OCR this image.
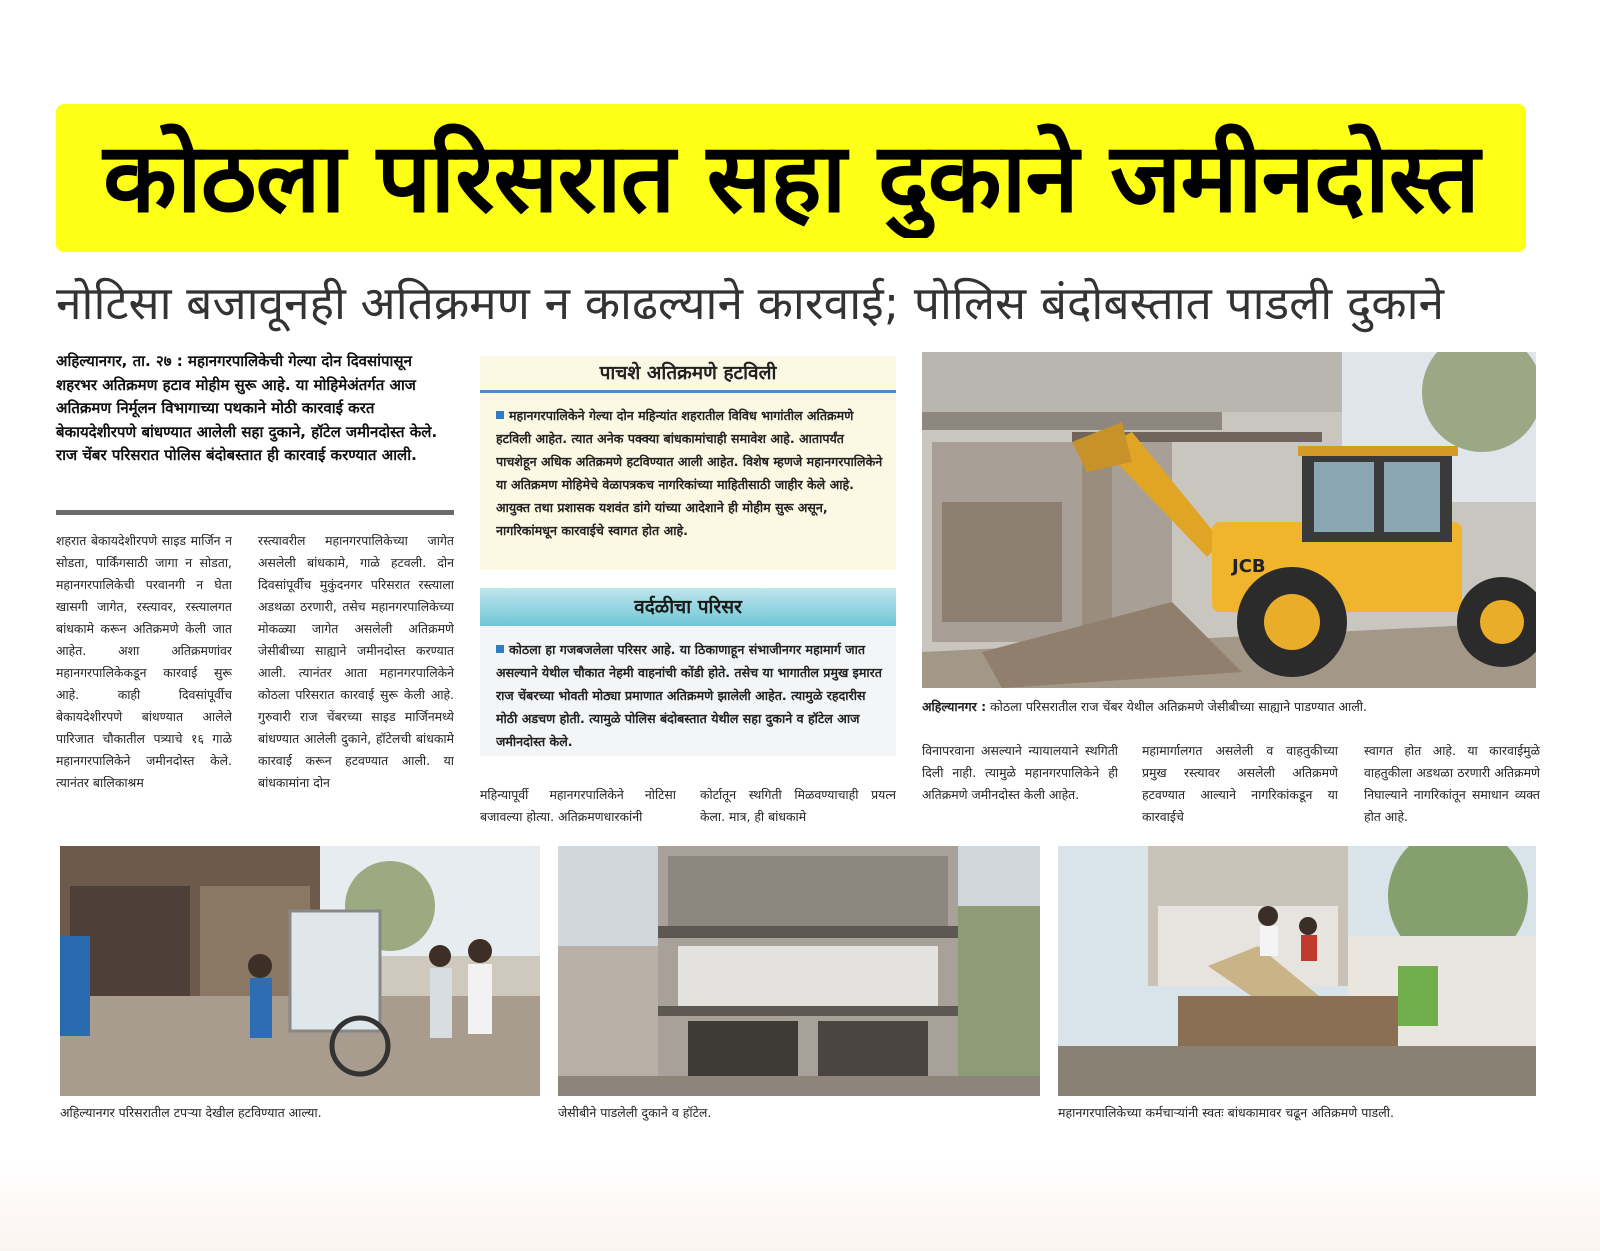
कोठला परिसरात सहा दुकाने जमीनदोस्त
नोटिसा बजावूनही अतिक्रमण न काढल्याने कारवाई; पोलिस बंदोबस्तात पाडली दुकाने
अहिल्यानगर, ता. २७ : महानगरपालिकेची गेल्या दोन दिवसांपासून शहरभर अतिक्रमण हटाव मोहीम सुरू आहे. या मोहिमेअंतर्गत आज अतिक्रमण निर्मूलन विभागाच्या पथकाने मोठी कारवाई करत बेकायदेशीरपणे बांधण्यात आलेली सहा दुकाने, हॉटेल जमीनदोस्त केले. राज चेंबर परिसरात पोलिस बंदोबस्तात ही कारवाई करण्यात आली.
शहरात बेकायदेशीरपणे साइड मार्जिन न सोडता, पार्किंगसाठी जागा न सोडता, महानगरपालिकेची परवानगी न घेता खासगी जागेत, रस्त्यावर, रस्त्यालगत बांधकामे करून अतिक्रमणे केली जात आहेत. अशा अतिक्रमणांवर महानगरपालिकेकडून कारवाई सुरू आहे. काही दिवसांपूर्वीच बेकायदेशीरपणे बांधण्यात आलेले पारिजात चौकातील पत्र्याचे १६ गाळे महानगरपालिकेने जमीनदोस्त केले. त्यानंतर बालिकाश्रम
रस्त्यावरील महानगरपालिकेच्या जागेत असलेली बांधकामे, गाळे हटवली. दोन दिवसांपूर्वीच मुकुंदनगर परिसरात रस्त्याला अडथळा ठरणारी, तसेच महानगरपालिकेच्या मोकळ्या जागेत असलेली अतिक्रमणे जेसीबीच्या साह्याने जमीनदोस्त करण्यात आली. त्यानंतर आता महानगरपालिकेने कोठला परिसरात कारवाई सुरू केली आहे. गुरुवारी राज चेंबरच्या साइड मार्जिनमध्ये बांधण्यात आलेली दुकाने, हॉटेलची बांधकामे कारवाई करून हटवण्यात आली. या बांधकामांना दोन
महिन्यापूर्वी महानगरपालिकेने नोटिसा बजावल्या होत्या. अतिक्रमणधारकांनी
कोर्टातून स्थगिती मिळवण्याचाही प्रयत्न केला. मात्र, ही बांधकामे
विनापरवाना असल्याने न्यायालयाने स्थगिती दिली नाही. त्यामुळे महानगरपालिकेने ही अतिक्रमणे जमीनदोस्त केली आहेत.
महामार्गालगत असलेली व वाहतुकीच्या प्रमुख रस्त्यावर असलेली अतिक्रमणे हटवण्यात आल्याने नागरिकांकडून या कारवाईचे
स्वागत होत आहे. या कारवाईमुळे वाहतुकीला अडथळा ठरणारी अतिक्रमणे निघाल्याने नागरिकांतून समाधान व्यक्त होत आहे.
पाचशे अतिक्रमणे हटविली
महानगरपालिकेने गेल्या दोन महिन्यांत शहरातील विविध भागांतील अतिक्रमणे हटविली आहेत. त्यात अनेक पक्क्या बांधकामांचाही समावेश आहे. आतापर्यंत पाचशेहून अधिक अतिक्रमणे हटविण्यात आली आहेत. विशेष म्हणजे महानगरपालिकेने या अतिक्रमण मोहिमेचे वेळापत्रकच नागरिकांच्या माहितीसाठी जाहीर केले आहे. आयुक्त तथा प्रशासक यशवंत डांगे यांच्या आदेशाने ही मोहीम सुरू असून, नागरिकांमधून कारवाईचे स्वागत होत आहे.
वर्दळीचा परिसर
कोठला हा गजबजलेला परिसर आहे. या ठिकाणाहून संभाजीनगर महामार्ग जात असल्याने येथील चौकात नेहमी वाहनांची कोंडी होते. तसेच या भागातील प्रमुख इमारत राज चेंबरच्या भोवती मोठ्या प्रमाणात अतिक्रमणे झालेली आहेत. त्यामुळे रहदारीस मोठी अडचण होती. त्यामुळे पोलिस बंदोबस्तात येथील सहा दुकाने व हॉटेल आज जमीनदोस्त केले.
JCB
अहिल्यानगर : कोठला परिसरातील राज चेंबर येथील अतिक्रमणे जेसीबीच्या साह्याने पाडण्यात आली.
अहिल्यानगर परिसरातील टपऱ्या देखील हटविण्यात आल्या.	जेसीबीने पाडलेली दुकाने व हॉटेल.	महानगरपालिकेच्या कर्मचाऱ्यांनी स्वतः बांधकामावर चढून अतिक्रमणे पाडली.
